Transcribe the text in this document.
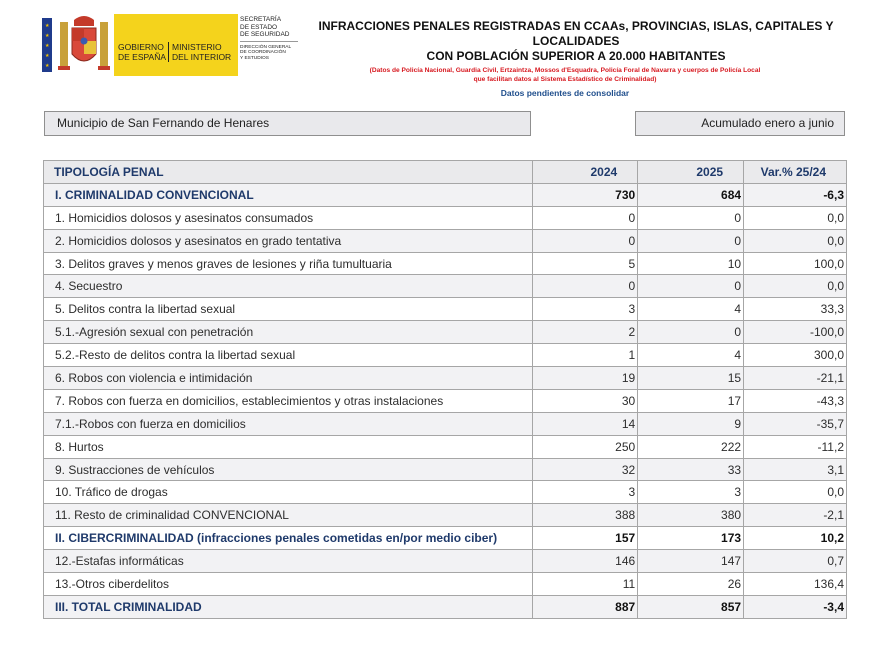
★
★
★
★
★
GOBIERNO
DE ESPAÑA
MINISTERIO
DEL INTERIOR
SECRETARÍA
DE ESTADO
DE SEGURIDAD
DIRECCIÓN GENERAL
DE COORDINACIÓN
Y ESTUDIOS
INFRACCIONES PENALES REGISTRADAS EN CCAAs, PROVINCIAS, ISLAS, CAPITALES Y LOCALIDADES
CON POBLACIÓN SUPERIOR A 20.000 HABITANTES
(Datos de Policía Nacional, Guardia Civil, Ertzaintza, Mossos d'Esquadra, Policía Foral de Navarra y cuerpos de Policía Local
que facilitan datos al Sistema Estadístico de Criminalidad)
Datos pendientes de consolidar
Municipio de San Fernando de Henares	Acumulado enero a junio
TIPOLOGÍA PENAL	2024	2025	Var.% 25/24
I. CRIMINALIDAD CONVENCIONAL	730	684	-6,3
1. Homicidios dolosos y asesinatos consumados	0	0	0,0
2. Homicidios dolosos y asesinatos en grado tentativa	0	0	0,0
3. Delitos graves y menos graves de lesiones y riña tumultuaria	5	10	100,0
4. Secuestro	0	0	0,0
5. Delitos contra la libertad sexual	3	4	33,3
5.1.-Agresión sexual con penetración	2	0	-100,0
5.2.-Resto de delitos contra la libertad sexual	1	4	300,0
6. Robos con violencia e intimidación	19	15	-21,1
7. Robos con fuerza en domicilios, establecimientos y otras instalaciones	30	17	-43,3
7.1.-Robos con fuerza en domicilios	14	9	-35,7
8. Hurtos	250	222	-11,2
9. Sustracciones de vehículos	32	33	3,1
10. Tráfico de drogas	3	3	0,0
11. Resto de criminalidad CONVENCIONAL	388	380	-2,1
II. CIBERCRIMINALIDAD (infracciones penales cometidas en/por medio ciber)	157	173	10,2
12.-Estafas informáticas	146	147	0,7
13.-Otros ciberdelitos	11	26	136,4
III. TOTAL CRIMINALIDAD	887	857	-3,4
